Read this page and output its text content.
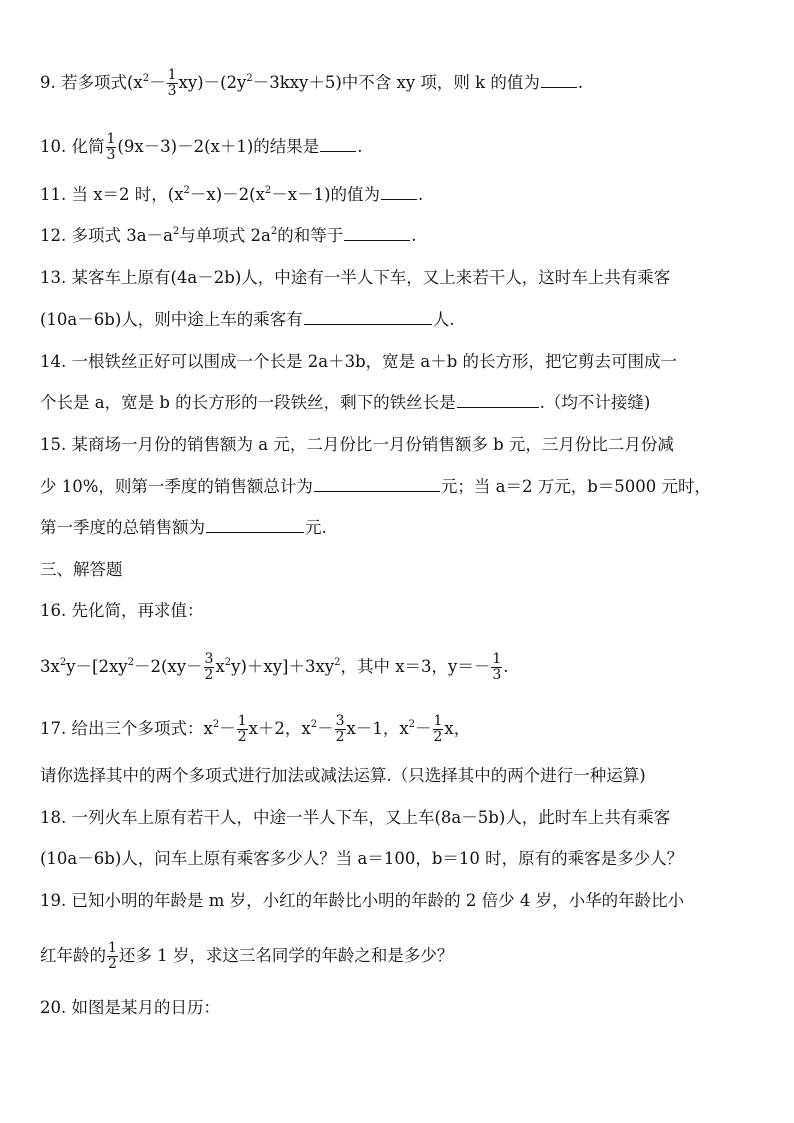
9. 若多项式$(x^2- \frac{1}{3} xy)-(2y^2-3kxy+5)$中不含 xy 项，则 k 的值为 .
10. 化简 $\frac{1}{3} (9x-3)-2(x+1)$的结果是 .
11. 当 x＝2 时，$(x^2-x)-2(x^2-x-1)$的值为 .
12. 多项式 $3a-a^2$与单项式 $2a^2$的和等于	.
13. 某客车上原有(4a－2b)人，中途有一半人下车，又上来若干人，这时车上共有乘客
(10a－6b)人，则中途上车的乘客有	人.
14. 一根铁丝正好可以围成一个长是 2a＋3b，宽是 a＋b 的长方形，把它剪去可围成一
个长是 a，宽是 b 的长方形的一段铁丝，剩下的铁丝长是	.（均不计接缝)
15. 某商场一月份的销售额为 a 元，二月份比一月份销售额多 b 元，三月份比二月份减
少 10%，则第一季度的销售额总计为	元；当 a＝2 万元，b＝5000 元时，
第一季度的总销售额为	元.
三、解答题
16. 先化简，再求值：
$3x^2y-[2xy^2-2(xy- \frac{3}{2} x^2y)+xy]+3xy^2$，其中 x＝3，$y=- \frac{1}{3}$ .
17. 给出三个多项式：$x^2- \frac{1}{2} x+2$，$x^2- \frac{3}{2} x-1$，$x^2- \frac{1}{2}$ x，
请你选择其中的两个多项式进行加法或减法运算.（只选择其中的两个进行一种运算)
18. 一列火车上原有若干人，中途一半人下车，又上车(8a－5b)人，此时车上共有乘客
(10a－6b)人，问车上原有乘客多少人？当 a＝100，b＝10 时，原有的乘客是多少人？
19. 已知小明的年龄是 m 岁，小红的年龄比小明的年龄的 2 倍少 4 岁，小华的年龄比小
红年龄的 $\frac{1}{2}$ 还多 1 岁，求这三名同学的年龄之和是多少？
20. 如图是某月的日历：
